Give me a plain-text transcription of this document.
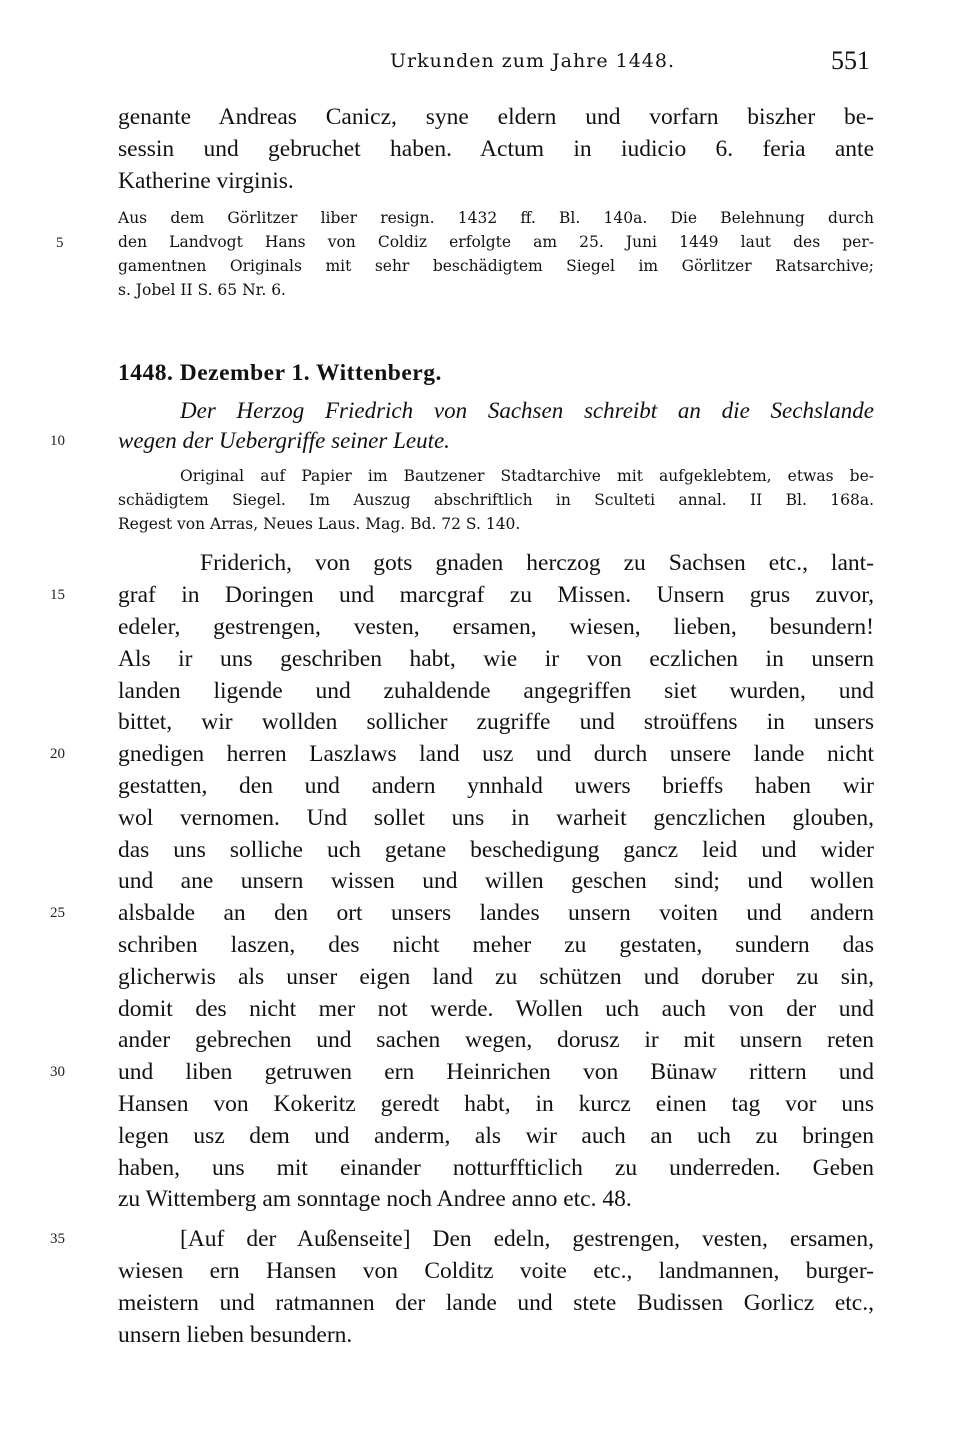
Urkunden zum Jahre 1448.	551
genante Andreas Canicz, syne eldern und vorfarn biszher be-
sessin und gebruchet haben. Actum in iudicio 6. feria ante
Katherine virginis.
Aus dem Görlitzer liber resign. 1432 ff. Bl. 140a. Die Belehnung durch
den Landvogt Hans von Coldiz erfolgte am 25. Juni 1449 laut des per-
gamentnen Originals mit sehr beschädigtem Siegel im Görlitzer Ratsarchive;
s. Jobel II S. 65 Nr. 6.
1448. Dezember 1. Wittenberg.
Der Herzog Friedrich von Sachsen schreibt an die Sechslande
wegen der Uebergriffe seiner Leute.
Original auf Papier im Bautzener Stadtarchive mit aufgeklebtem, etwas be-
schädigtem Siegel. Im Auszug abschriftlich in Sculteti annal. II Bl. 168a.
Regest von Arras, Neues Laus. Mag. Bd. 72 S. 140.
Friderich, von gots gnaden herczog zu Sachsen etc., lant-
graf in Doringen und marcgraf zu Missen. Unsern grus zuvor,
edeler, gestrengen, vesten, ersamen, wiesen, lieben, besundern!
Als ir uns geschriben habt, wie ir von eczlichen in unsern
landen ligende und zuhaldende angegriffen siet wurden, und
bittet, wir wollden sollicher zugriffe und stroüffens in unsers
gnedigen herren Laszlaws land usz und durch unsere lande nicht
gestatten, den und andern ynnhald uwers brieffs haben wir
wol vernomen. Und sollet uns in warheit genczlichen glouben,
das uns solliche uch getane beschedigung gancz leid und wider
und ane unsern wissen und willen geschen sind; und wollen
alsbalde an den ort unsers landes unsern voiten und andern
schriben laszen, des nicht meher zu gestaten, sundern das
glicherwis als unser eigen land zu schützen und doruber zu sin,
domit des nicht mer not werde. Wollen uch auch von der und
ander gebrechen und sachen wegen, dorusz ir mit unsern reten
und liben getruwen ern Heinrichen von Bünaw rittern und
Hansen von Kokeritz geredt habt, in kurcz einen tag vor uns
legen usz dem und anderm, als wir auch an uch zu bringen
haben, uns mit einander notturffticlich zu underreden. Geben
zu Wittemberg am sonntage noch Andree anno etc. 48.
[Auf der Außenseite] Den edeln, gestrengen, vesten, ersamen,
wiesen ern Hansen von Colditz voite etc., landmannen, burger-
meistern und ratmannen der lande und stete Budissen Gorlicz etc.,
unsern lieben besundern.
5
10
15
20
25
30
35
